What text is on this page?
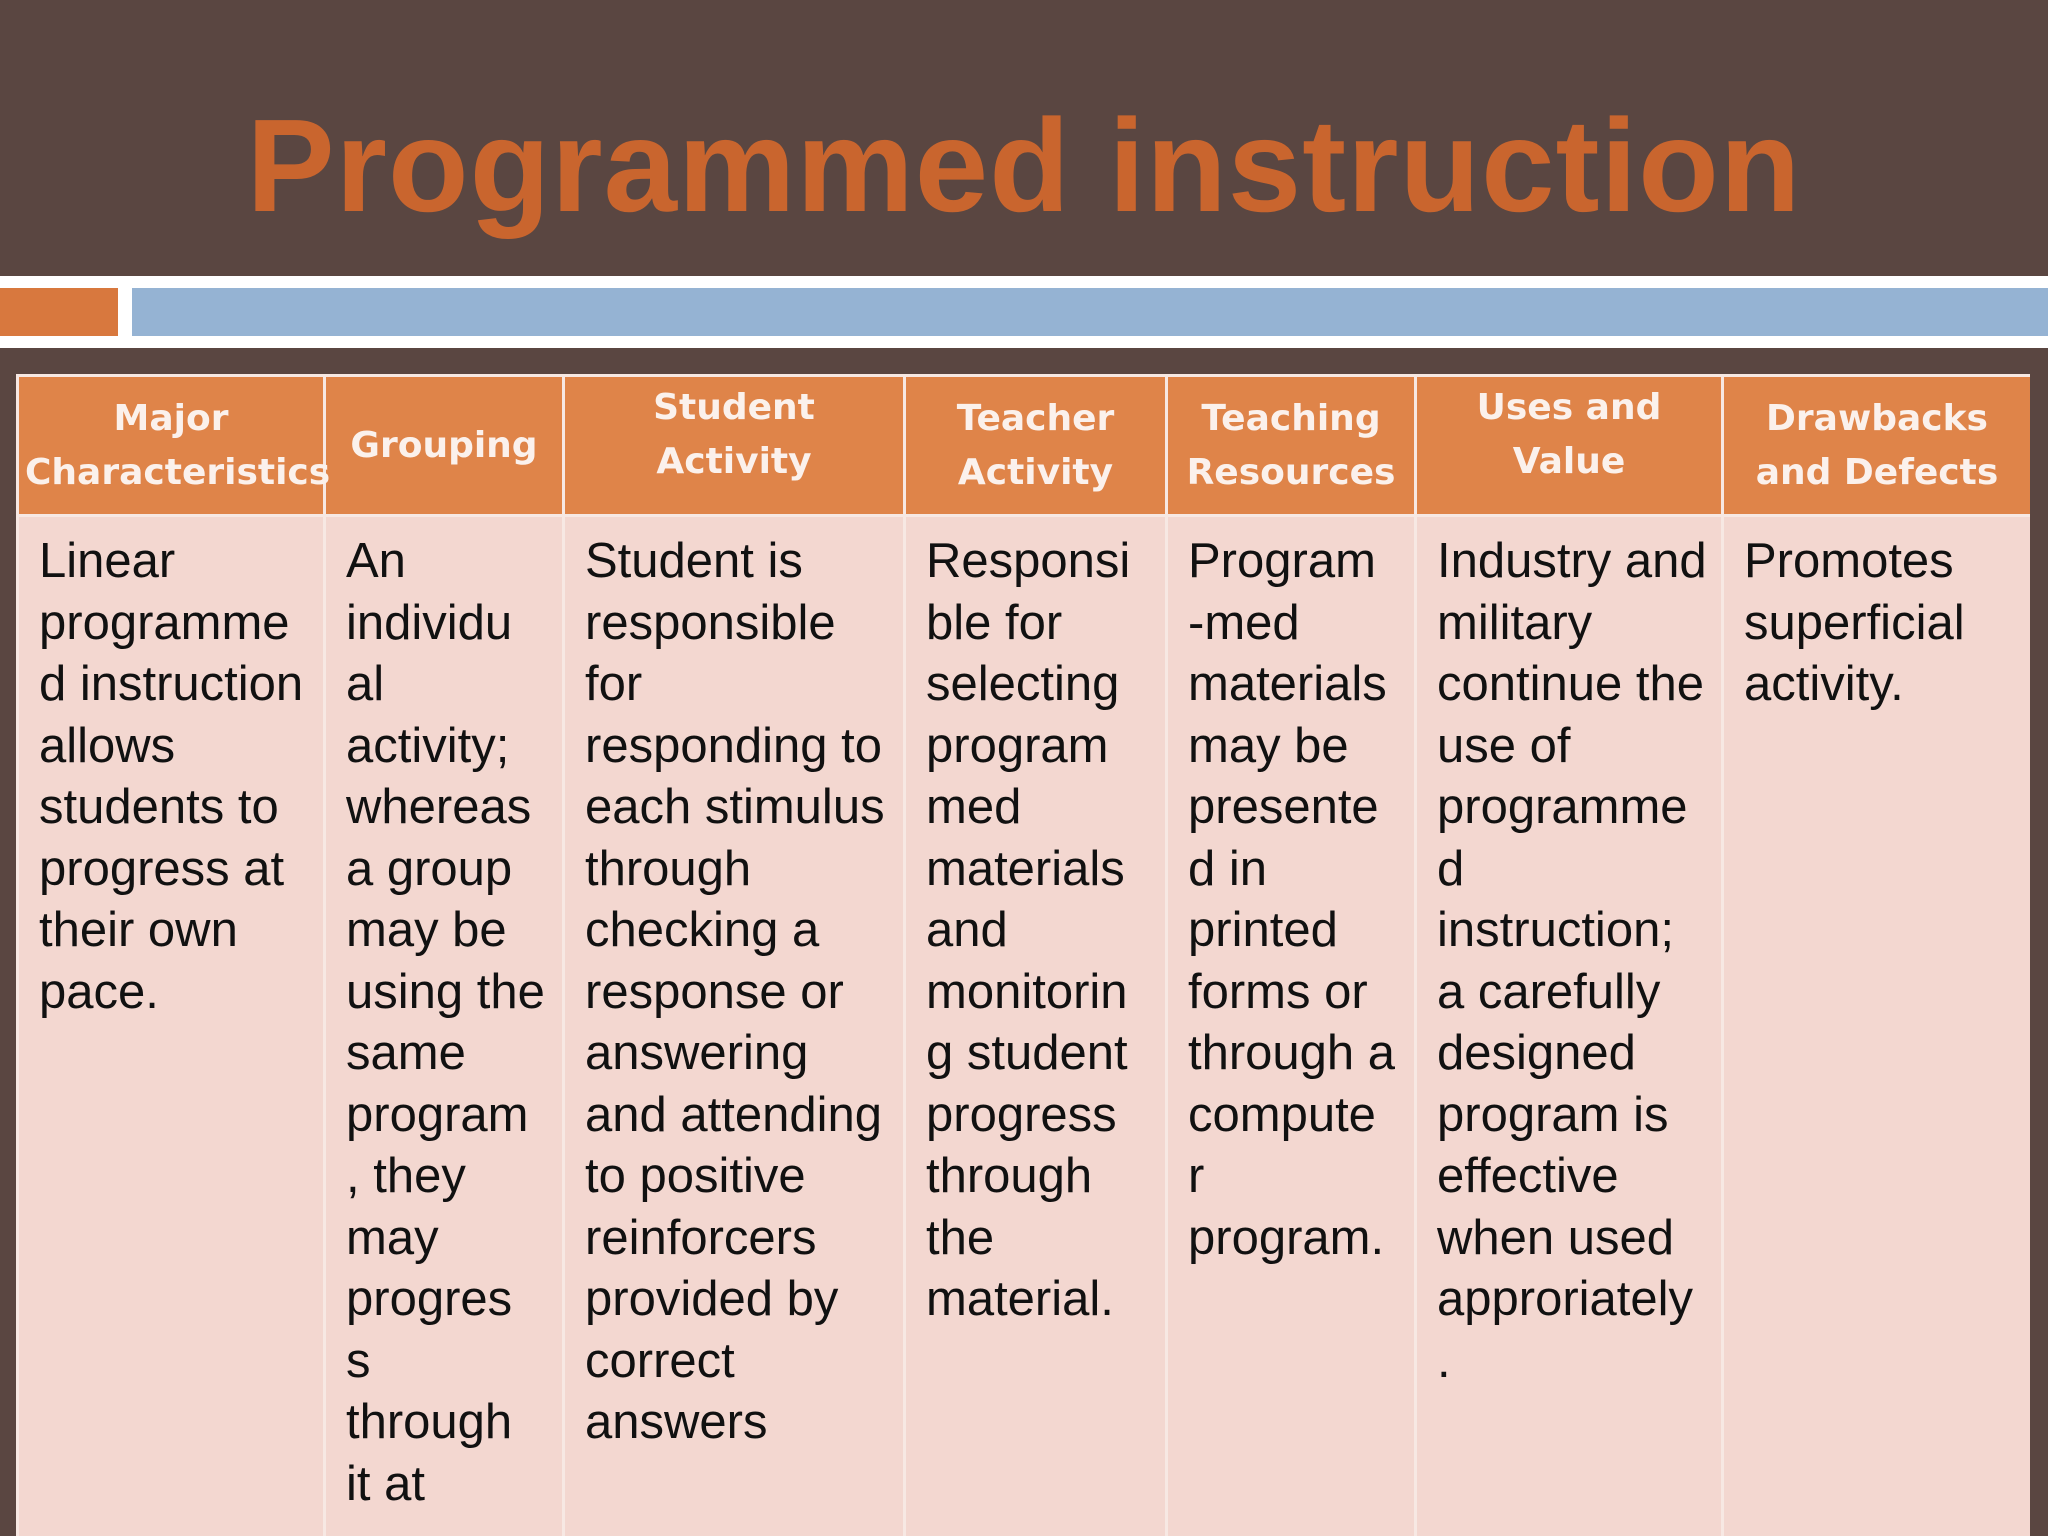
Programmed instruction
Major Characteristics	Grouping	Student Activity	Teacher Activity	Teaching Resources	Uses and Value	Drawbacks and Defects

Linear programme d instruction allows students to progress at their own pace.	An individu al activity; whereas a group may be using the same program , they may progres s through it at	Student is responsible for responding to each stimulus through checking a response or answering and attending to positive reinforcers provided by correct answers	Responsi ble for selecting program med materials and monitorin g student progress through the material.	Program -med materials may be presente d in printed forms or through a compute r program.	Industry and military continue the use of programme d instruction; a carefully designed program is effective when used approriately .	Promotes superficial activity.
